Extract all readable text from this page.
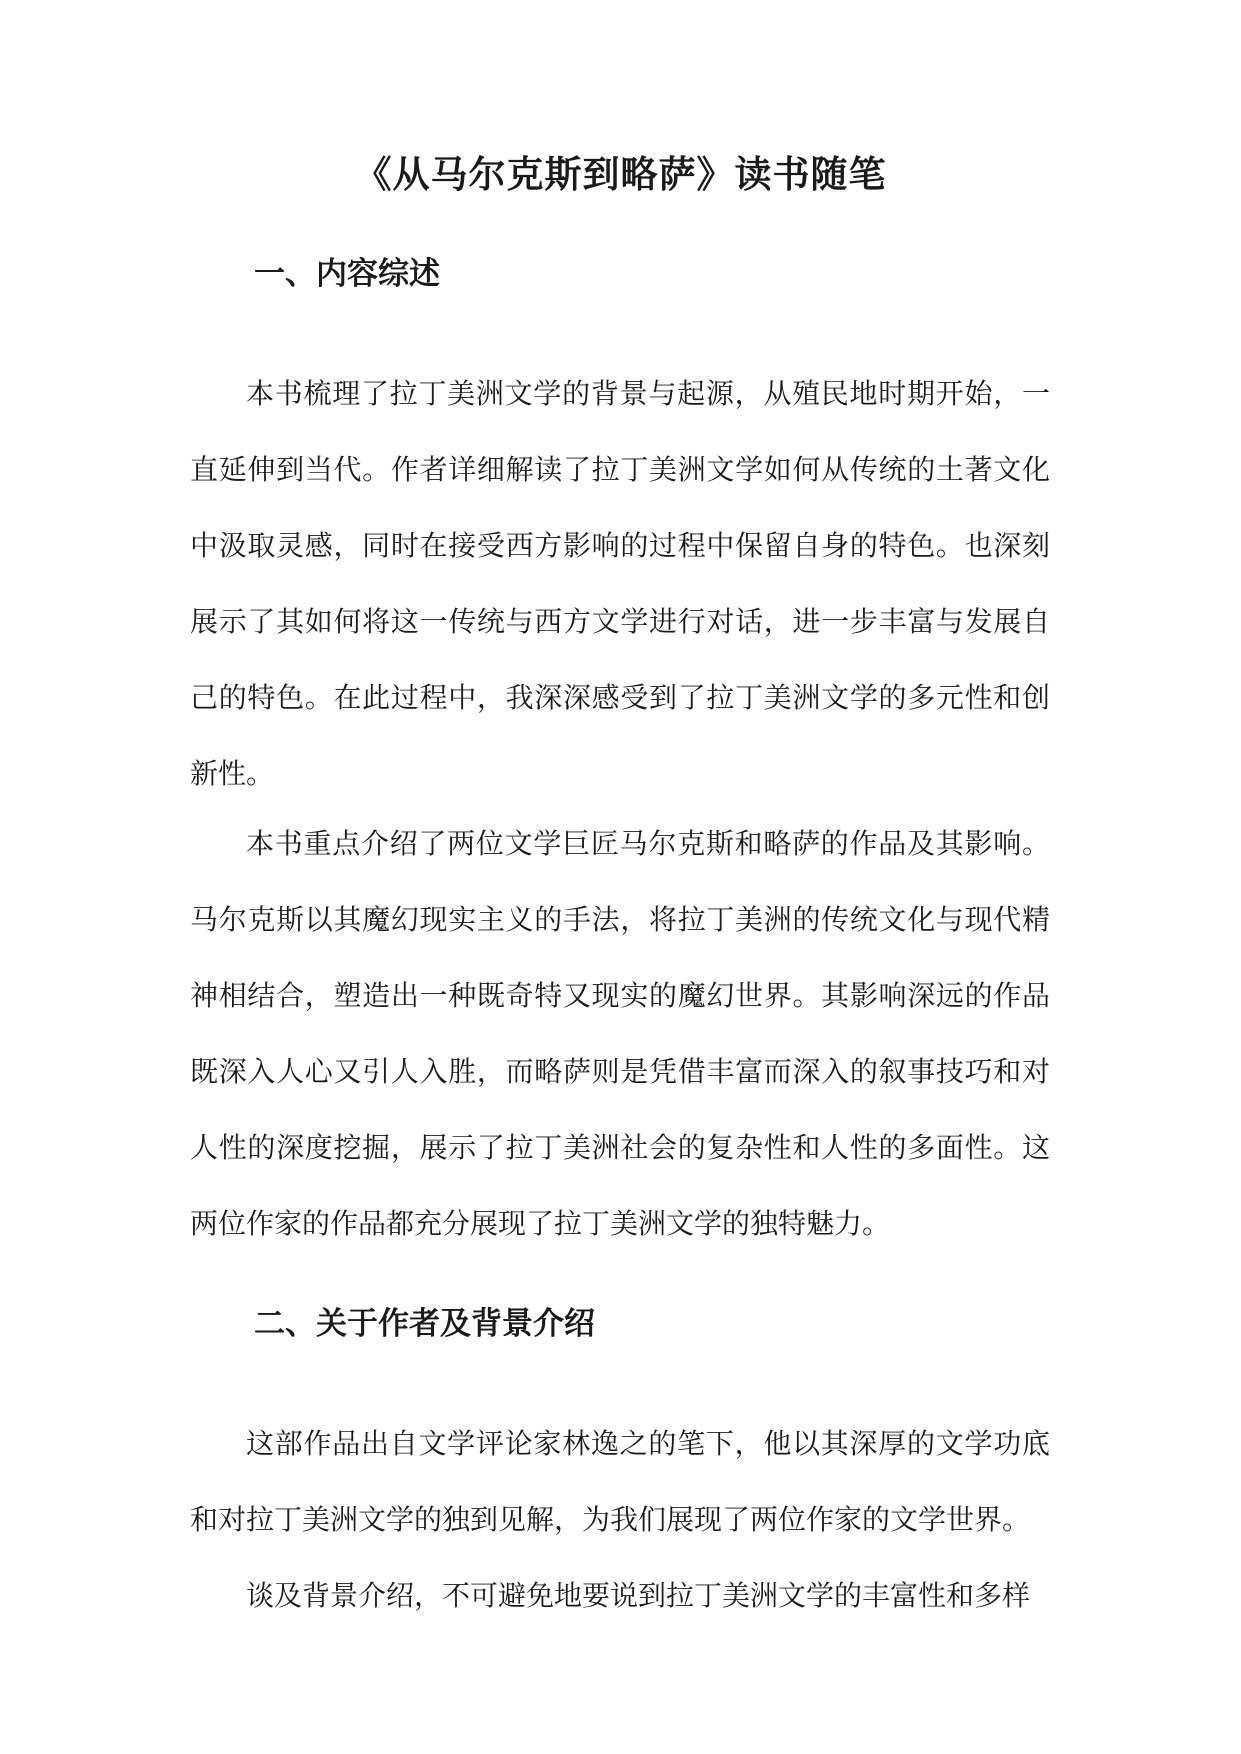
《从马尔克斯到略萨》读书随笔
一、内容综述

本书梳理了拉丁美洲文学的背景与起源，从殖民地时期开始，一直延伸到当代。作者详细解读了拉丁美洲文学如何从传统的土著文化中汲取灵感，同时在接受西方影响的过程中保留自身的特色。也深刻展示了其如何将这一传统与西方文学进行对话，进一步丰富与发展自己的特色。在此过程中，我深深感受到了拉丁美洲文学的多元性和创新性。

本书重点介绍了两位文学巨匠马尔克斯和略萨的作品及其影响。马尔克斯以其魔幻现实主义的手法，将拉丁美洲的传统文化与现代精神相结合，塑造出一种既奇特又现实的魔幻世界。其影响深远的作品既深入人心又引人入胜，而略萨则是凭借丰富而深入的叙事技巧和对人性的深度挖掘，展示了拉丁美洲社会的复杂性和人性的多面性。这两位作家的作品都充分展现了拉丁美洲文学的独特魅力。

二、关于作者及背景介绍

这部作品出自文学评论家林逸之的笔下，他以其深厚的文学功底和对拉丁美洲文学的独到见解，为我们展现了两位作家的文学世界。

谈及背景介绍，不可避免地要说到拉丁美洲文学的丰富性和多样
